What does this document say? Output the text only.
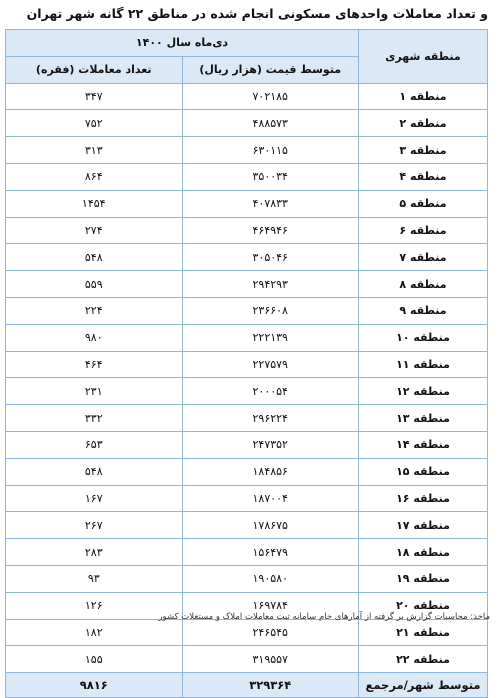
و تعداد معاملات واحدهای مسکونی انجام شده در مناطق ۲۲ گانه شهر تهران
منطقه شهری	دی‌ماه سال ۱۴۰۰	
	متوسط قیمت (هزار ریال)	تعداد معاملات (فقره)
منطقه ۱	۷۰۲۱۸۵	۳۴۷
منطقه ۲	۴۸۸۵۷۳	۷۵۲
منطقه ۳	۶۳۰۱۱۵	۳۱۳
منطقه ۴	۳۵۰۰۳۴	۸۶۴
منطقه ۵	۴۰۷۸۳۳	۱۴۵۴
منطقه ۶	۴۶۴۹۴۶	۲۷۴
منطقه ۷	۳۰۵۰۴۶	۵۴۸
منطقه ۸	۲۹۴۲۹۳	۵۵۹
منطقه ۹	۲۳۶۶۰۸	۲۲۴
منطقه ۱۰	۲۲۲۱۳۹	۹۸۰
منطقه ۱۱	۲۲۷۵۷۹	۴۶۴
منطقه ۱۲	۲۰۰۰۵۴	۲۳۱
منطقه ۱۳	۲۹۶۲۲۴	۳۳۲
منطقه ۱۴	۲۴۷۳۵۲	۶۵۳
منطقه ۱۵	۱۸۴۸۵۶	۵۴۸
منطقه ۱۶	۱۸۷۰۰۴	۱۶۷
منطقه ۱۷	۱۷۸۶۷۵	۲۶۷
منطقه ۱۸	۱۵۶۴۷۹	۲۸۳
منطقه ۱۹	۱۹۰۵۸۰	۹۳
منطقه ۲۰	۱۶۹۷۸۴	۱۲۶
منطقه ۲۱	۲۴۶۵۴۵	۱۸۲
منطقه ۲۲	۳۱۹۵۵۷	۱۵۵
متوسط شهر/مرجمع	۳۲۹۳۶۴	۹۸۱۶
ماخذ: محاسبات گزارش بر گرفته از آمارهای خام سامانه ثبت معاملات املاک و مستغلات کشور
